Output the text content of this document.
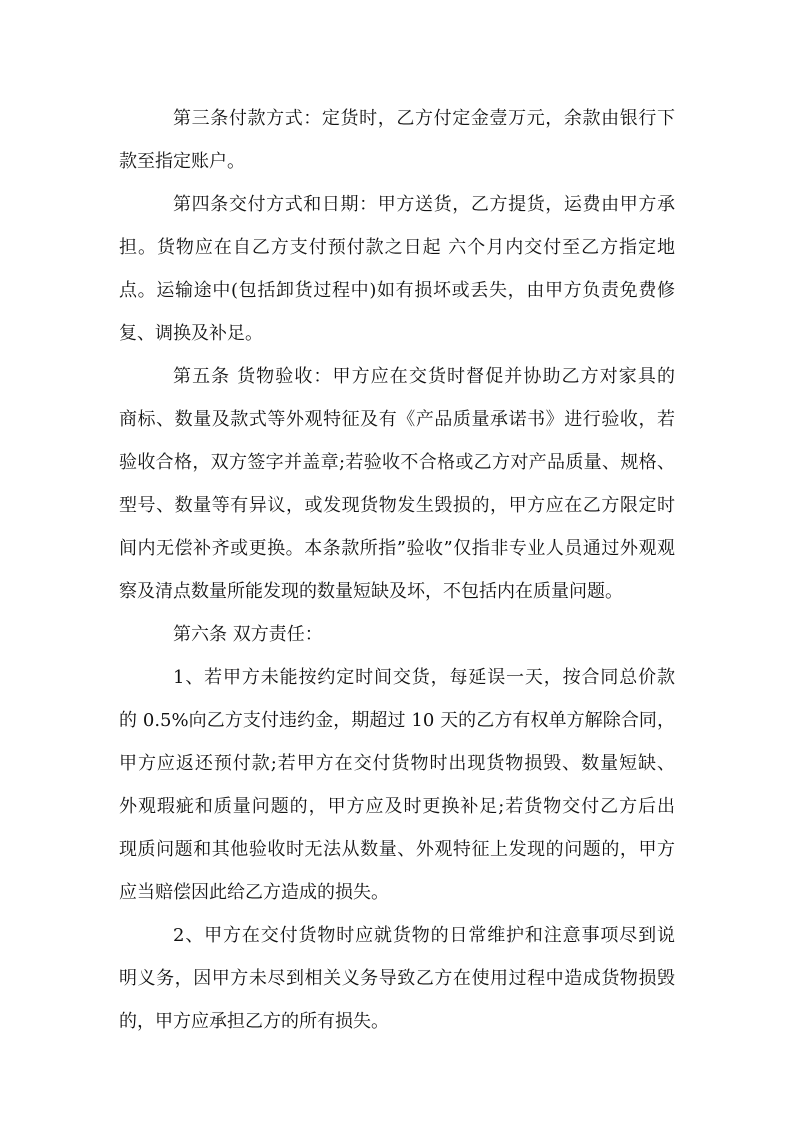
第三条付款方式：定货时，乙方付定金壹万元，余款由银行下
款至指定账户。
第四条交付方式和日期：甲方送货，乙方提货，运费由甲方承
担。货物应在自乙方支付预付款之日起 六个月内交付至乙方指定地
点。运输途中(包括卸货过程中)如有损坏或丢失，由甲方负责免费修
复、调换及补足。
第五条 货物验收：甲方应在交货时督促并协助乙方对家具的
商标、数量及款式等外观特征及有《产品质量承诺书》进行验收，若
验收合格，双方签字并盖章;若验收不合格或乙方对产品质量、规格、
型号、数量等有异议，或发现货物发生毁损的，甲方应在乙方限定时
间内无偿补齐或更换。本条款所指”验收”仅指非专业人员通过外观观
察及清点数量所能发现的数量短缺及坏，不包括内在质量问题。
第六条 双方责任：
1、若甲方未能按约定时间交货，每延误一天，按合同总价款
的 0.5%向乙方支付违约金，期超过 10 天的乙方有权单方解除合同，
甲方应返还预付款;若甲方在交付货物时出现货物损毁、数量短缺、
外观瑕疵和质量问题的，甲方应及时更换补足;若货物交付乙方后出
现质问题和其他验收时无法从数量、外观特征上发现的问题的，甲方
应当赔偿因此给乙方造成的损失。
2、甲方在交付货物时应就货物的日常维护和注意事项尽到说
明义务，因甲方未尽到相关义务导致乙方在使用过程中造成货物损毁
的，甲方应承担乙方的所有损失。
